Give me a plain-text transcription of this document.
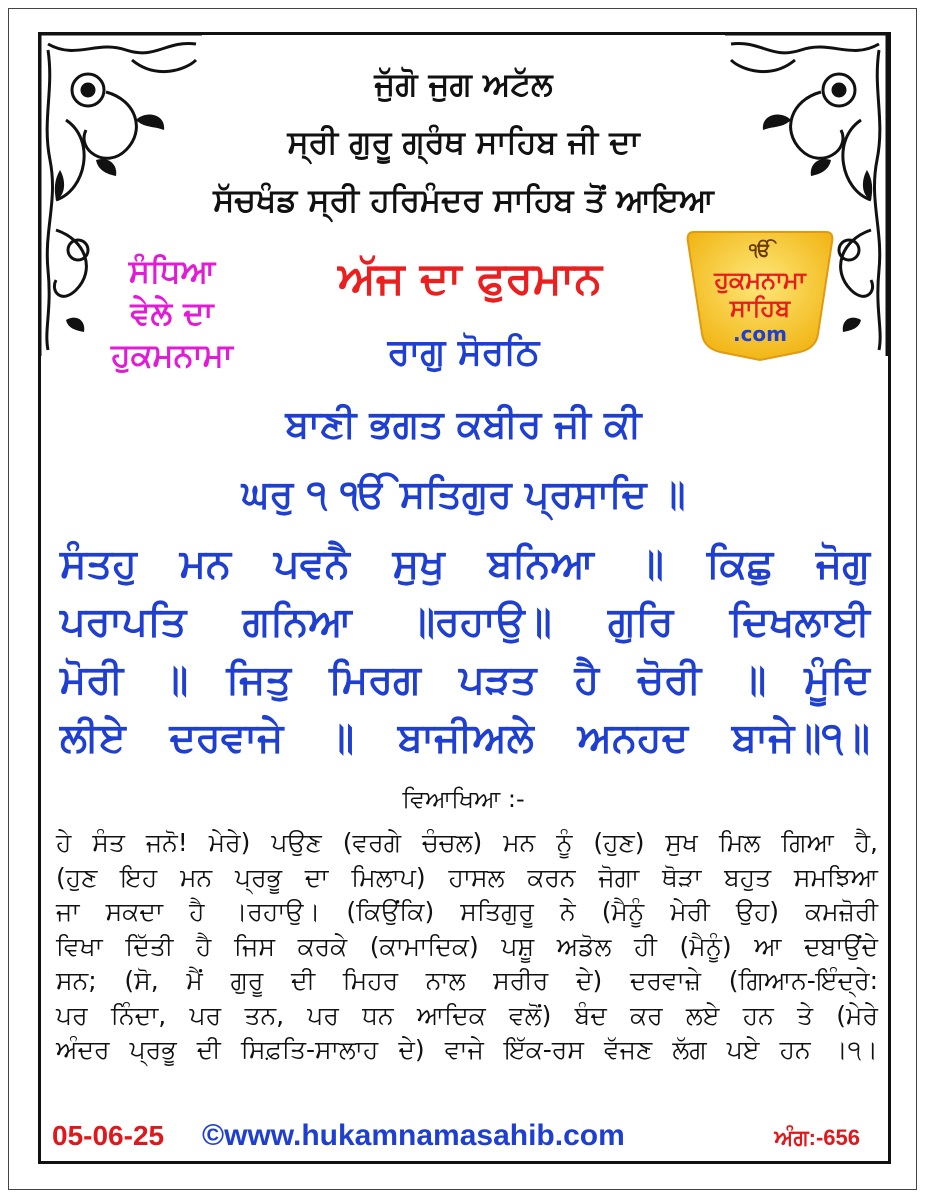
ਜੁੱਗੋ ਜੁਗ ਅਟੱਲ
ਸ੍ਰੀ ਗੁਰੂ ਗ੍ਰੰਥ ਸਾਹਿਬ ਜੀ ਦਾ
ਸੱਚਖੰਡ ਸ੍ਰੀ ਹਰਿਮੰਦਰ ਸਾਹਿਬ ਤੋਂ ਆਇਆ
ਸੰਧਿਆ
ਵੇਲੇ ਦਾ
ਹੁਕਮਨਾਮਾ
ਅੱਜ ਦਾ ਫੁਰਮਾਨ
ੴ
ਹੁਕਮਨਾਮਾ
ਸਾਹਿਬ
.com
ਰਾਗੁ ਸੋਰਠਿ
ਬਾਣੀ ਭਗਤ ਕਬੀਰ ਜੀ ਕੀ
ਘਰੁ ੧ ੴ ਸਤਿਗੁਰ ਪ੍ਰਸਾਦਿ ॥
ਸੰਤਹੁ ਮਨ ਪਵਨੈ ਸੁਖੁ ਬਨਿਆ ॥ ਕਿਛੁ ਜੋਗੁ
ਪਰਾਪਤਿ ਗਨਿਆ ॥ਰਹਾਉ॥ ਗੁਰਿ ਦਿਖਲਾਈ
ਮੋਰੀ ॥ ਜਿਤੁ ਮਿਰਗ ਪੜਤ ਹੈ ਚੋਰੀ ॥ ਮੂੰਦਿ
ਲੀਏ ਦਰਵਾਜੇ ॥ ਬਾਜੀਅਲੇ ਅਨਹਦ ਬਾਜੇ॥੧॥
ਵਿਆਖਿਆ :-
ਹੇ ਸੰਤ ਜਨੋ! ਮੇਰੇ) ਪਉਣ (ਵਰਗੇ ਚੰਚਲ) ਮਨ ਨੂੰ (ਹੁਣ) ਸੁਖ ਮਿਲ ਗਿਆ ਹੈ,
(ਹੁਣ ਇਹ ਮਨ ਪ੍ਰਭੂ ਦਾ ਮਿਲਾਪ) ਹਾਸਲ ਕਰਨ ਜੋਗਾ ਥੋੜਾ ਬਹੁਤ ਸਮਝਿਆ
ਜਾ ਸਕਦਾ ਹੈ ।ਰਹਾਉ। (ਕਿਉਂਕਿ) ਸਤਿਗੁਰੂ ਨੇ (ਮੈਨੂੰ ਮੇਰੀ ਉਹ) ਕਮਜ਼ੋਰੀ
ਵਿਖਾ ਦਿੱਤੀ ਹੈ ਜਿਸ ਕਰਕੇ (ਕਾਮਾਦਿਕ) ਪਸ਼ੂ ਅਡੋਲ ਹੀ (ਮੈਨੂੰ) ਆ ਦਬਾਉਂਦੇ
ਸਨ; (ਸੋ, ਮੈਂ ਗੁਰੂ ਦੀ ਮਿਹਰ ਨਾਲ ਸਰੀਰ ਦੇ) ਦਰਵਾਜ਼ੇ (ਗਿਆਨ-ਇੰਦ੍ਰੇ:
ਪਰ ਨਿੰਦਾ, ਪਰ ਤਨ, ਪਰ ਧਨ ਆਦਿਕ ਵਲੋਂ) ਬੰਦ ਕਰ ਲਏ ਹਨ ਤੇ (ਮੇਰੇ
ਅੰਦਰ ਪ੍ਰਭੂ ਦੀ ਸਿਫ਼ਤਿ-ਸਾਲਾਹ ਦੇ) ਵਾਜੇ ਇੱਕ-ਰਸ ਵੱਜਣ ਲੱਗ ਪਏ ਹਨ ।੧।
05-06-25 ©www.hukamnamasahib.com	ਅੰਗ:-656
